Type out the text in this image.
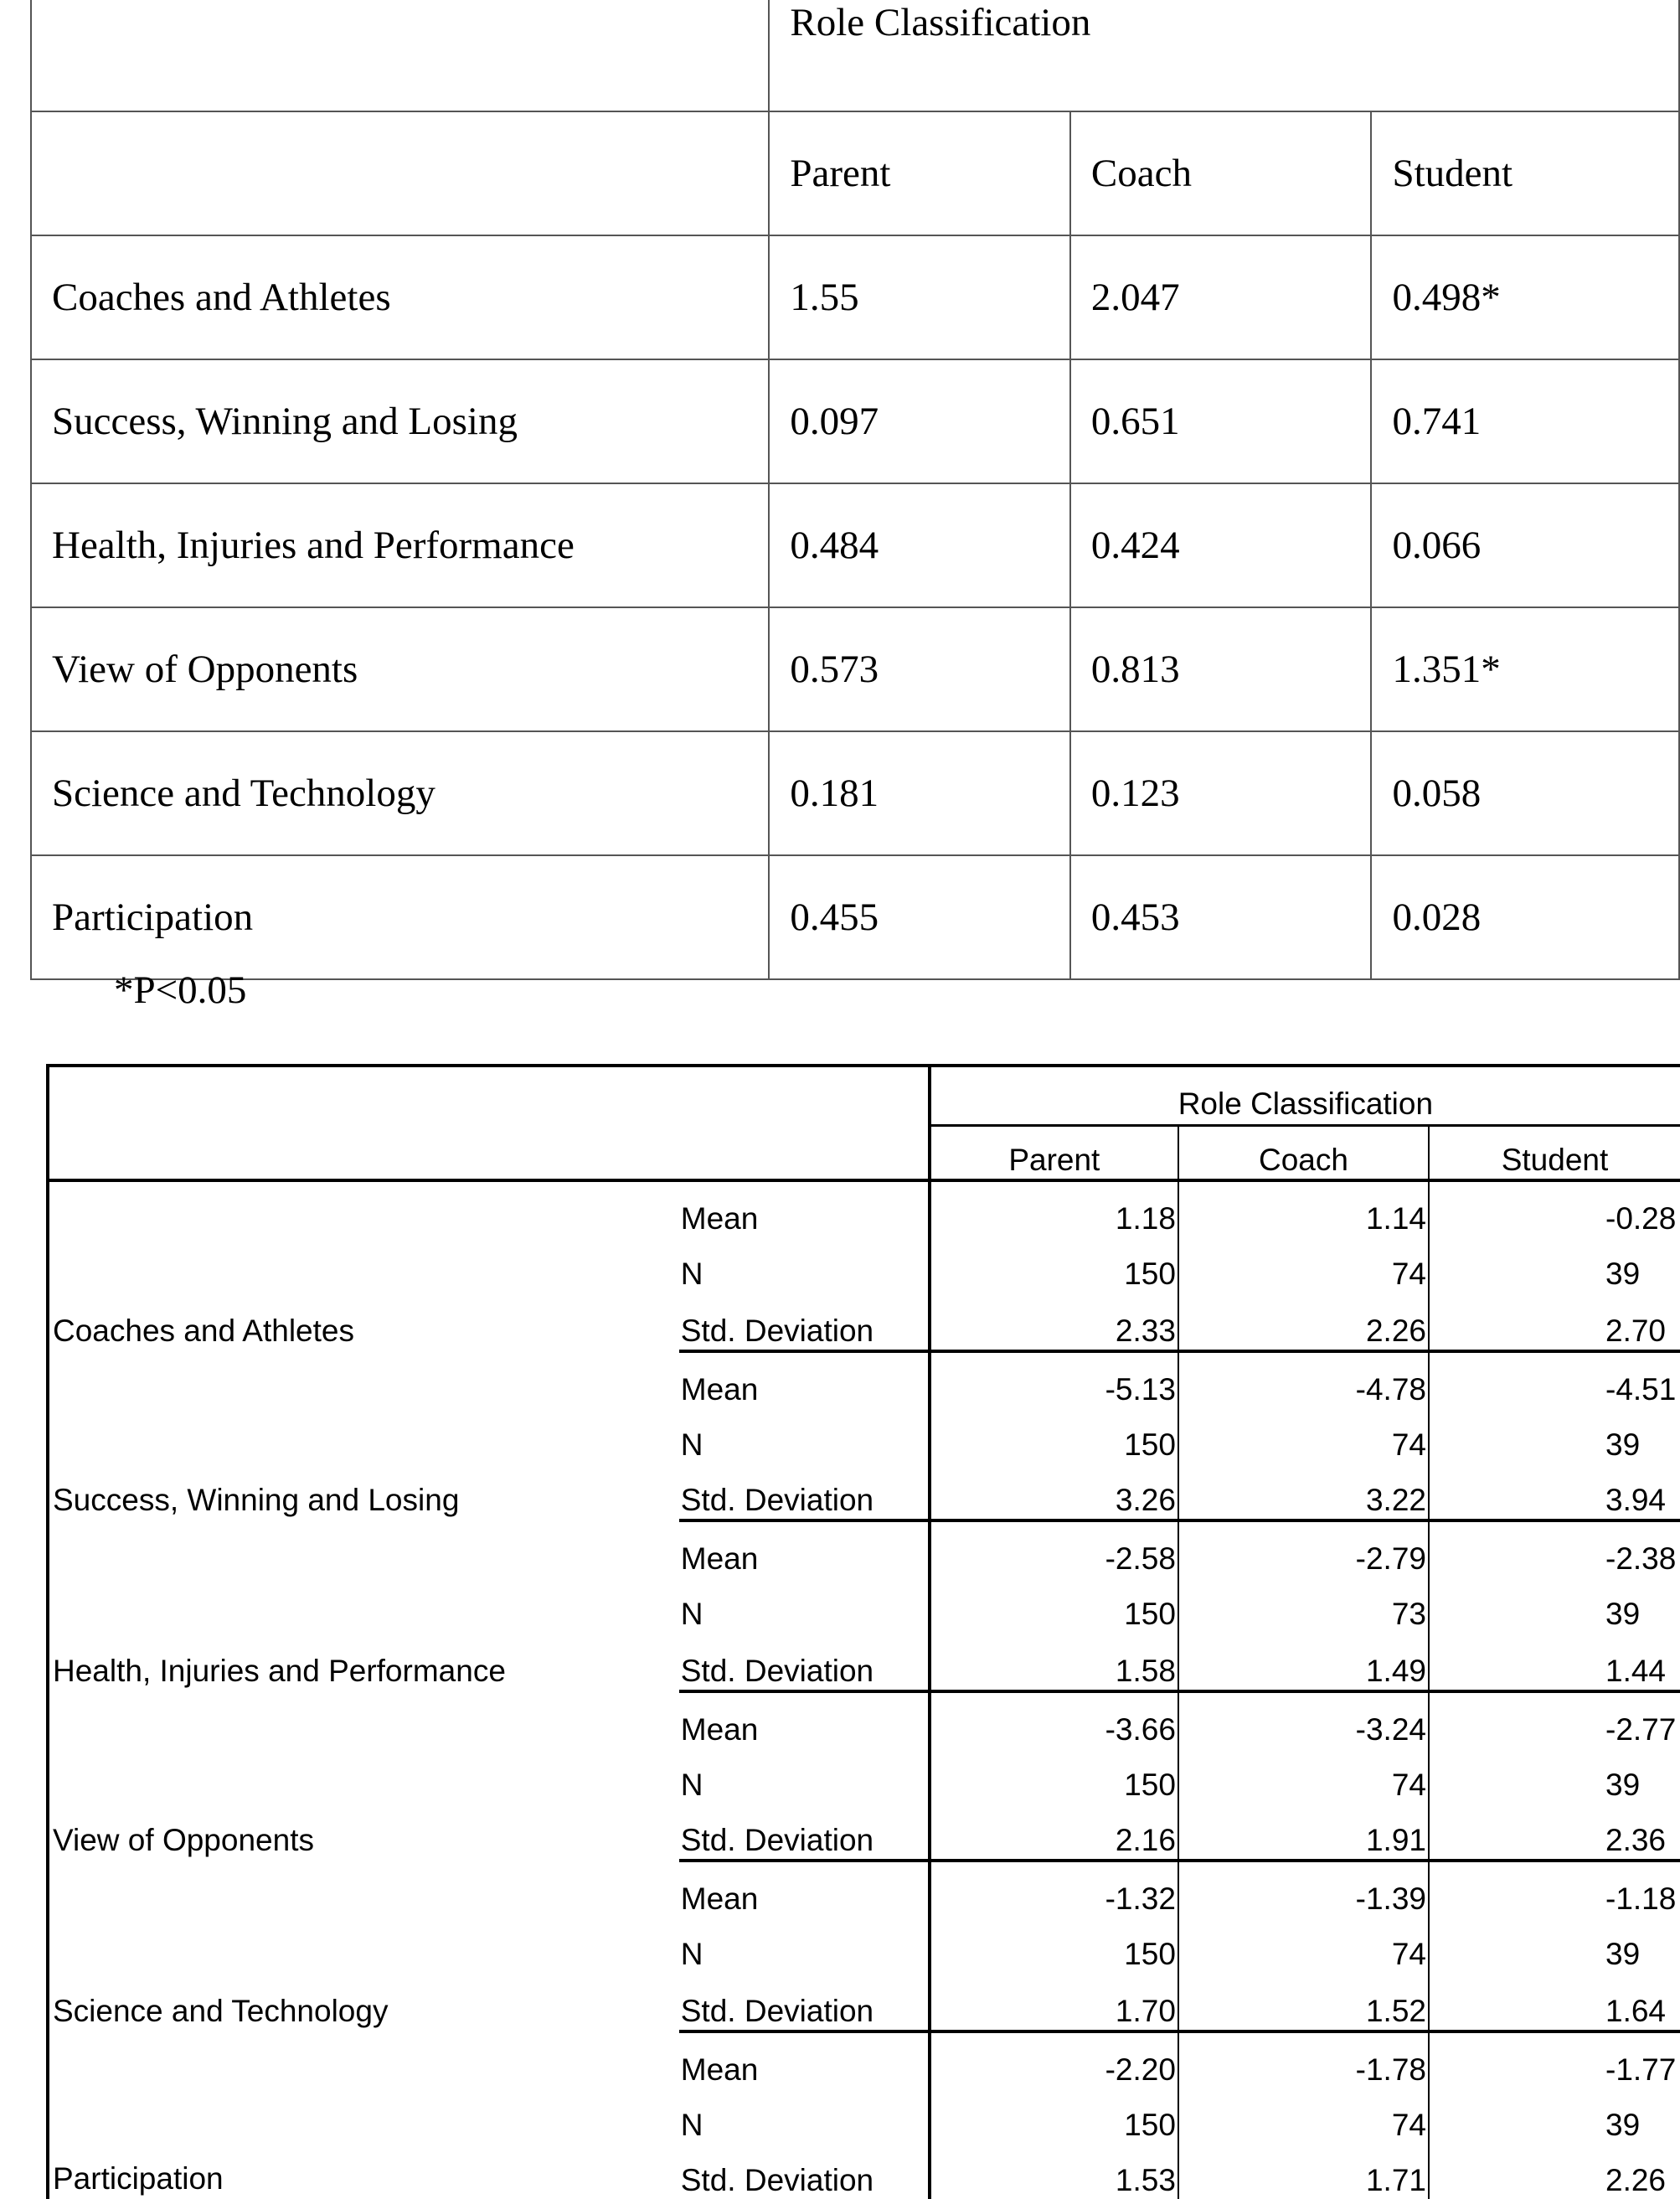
	Role Classification		
	Parent	Coach	Student
Coaches and Athletes	1.55	2.047	0.498*
Success, Winning and Losing	0.097	0.651	0.741
Health, Injuries and Performance	0.484	0.424	0.066
View of Opponents	0.573	0.813	1.351*
Science and Technology	0.181	0.123	0.058
Participation	0.455	0.453	0.028
*P<0.05
		Role Classification		
		Parent	Coach	Student
Coaches and Athletes	Mean	1.18	1.14	-0.28
	N	150	74	39
	Std. Deviation	2.33	2.26	2.70
Success, Winning and Losing	Mean	-5.13	-4.78	-4.51
	N	150	74	39
	Std. Deviation	3.26	3.22	3.94
Health, Injuries and Performance	Mean	-2.58	-2.79	-2.38
	N	150	73	39
	Std. Deviation	1.58	1.49	1.44
View of Opponents	Mean	-3.66	-3.24	-2.77
	N	150	74	39
	Std. Deviation	2.16	1.91	2.36
Science and Technology	Mean	-1.32	-1.39	-1.18
	N	150	74	39
	Std. Deviation	1.70	1.52	1.64
Participation	Mean	-2.20	-1.78	-1.77
	N	150	74	39
	Std. Deviation	1.53	1.71	2.26
